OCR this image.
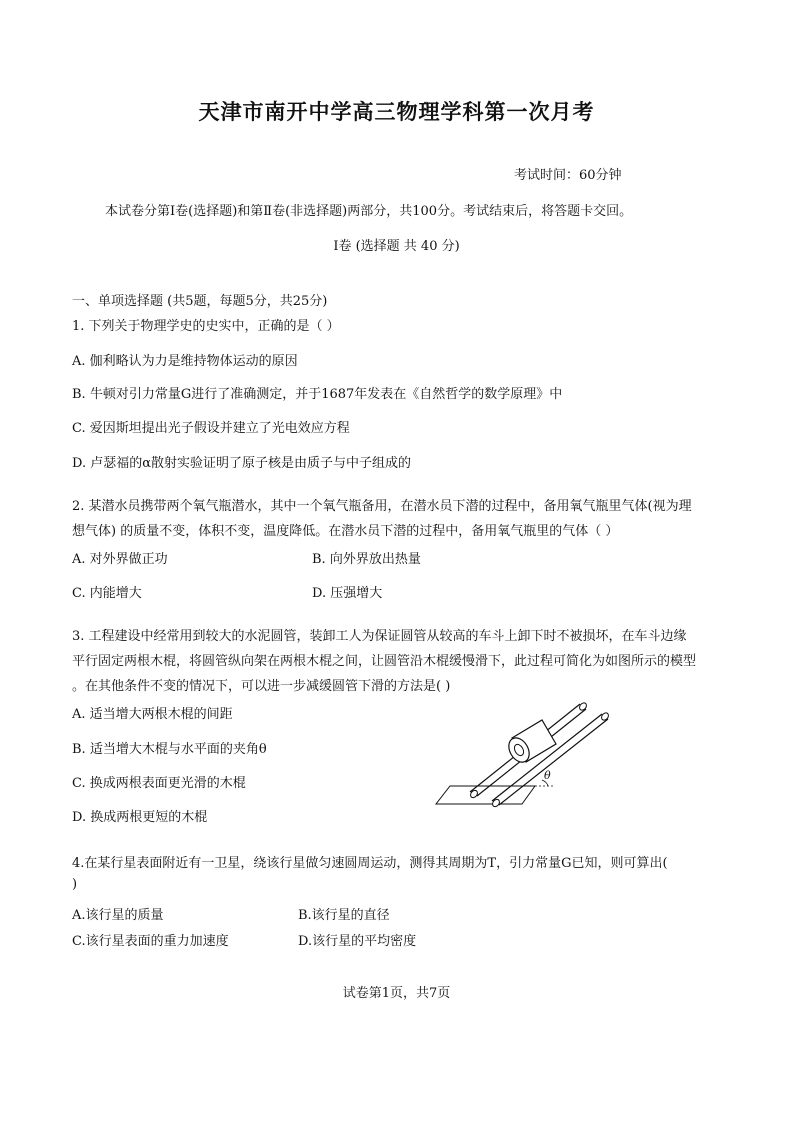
天津市南开中学高三物理学科第一次月考
考试时间：60分钟
本试卷分第Ⅰ卷(选择题)和第Ⅱ卷(非选择题)两部分，共100分。考试结束后，将答题卡交回。
Ⅰ卷 (选择题 共 40 分)
一、单项选择题 (共5题，每题5分，共25分)
1. 下列关于物理学史的史实中，正确的是（ ）
A. 伽利略认为力是维持物体运动的原因
B. 牛顿对引力常量G进行了准确测定，并于1687年发表在《自然哲学的数学原理》中
C. 爱因斯坦提出光子假设并建立了光电效应方程
D. 卢瑟福的α散射实验证明了原子核是由质子与中子组成的
2. 某潜水员携带两个氧气瓶潜水，其中一个氧气瓶备用，在潜水员下潜的过程中，备用氧气瓶里气体(视为理
想气体) 的质量不变，体积不变，温度降低。在潜水员下潜的过程中，备用氧气瓶里的气体（ ）
A. 对外界做正功	B. 向外界放出热量
C. 内能增大	D. 压强增大
3. 工程建设中经常用到较大的水泥圆管，装卸工人为保证圆管从较高的车斗上卸下时不被损坏，在车斗边缘
平行固定两根木棍，将圆管纵向架在两根木棍之间，让圆管沿木棍缓慢滑下，此过程可简化为如图所示的模型
。在其他条件不变的情况下，可以进一步减缓圆管下滑的方法是( )
A. 适当增大两根木棍的间距
B. 适当增大木棍与水平面的夹角θ
C. 换成两根表面更光滑的木棍
D. 换成两根更短的木棍
θ
4.在某行星表面附近有一卫星，绕该行星做匀速圆周运动，测得其周期为T，引力常量G已知，则可算出(
)
A.该行星的质量	B.该行星的直径
C.该行星表面的重力加速度	D.该行星的平均密度
试卷第1页，共7页
